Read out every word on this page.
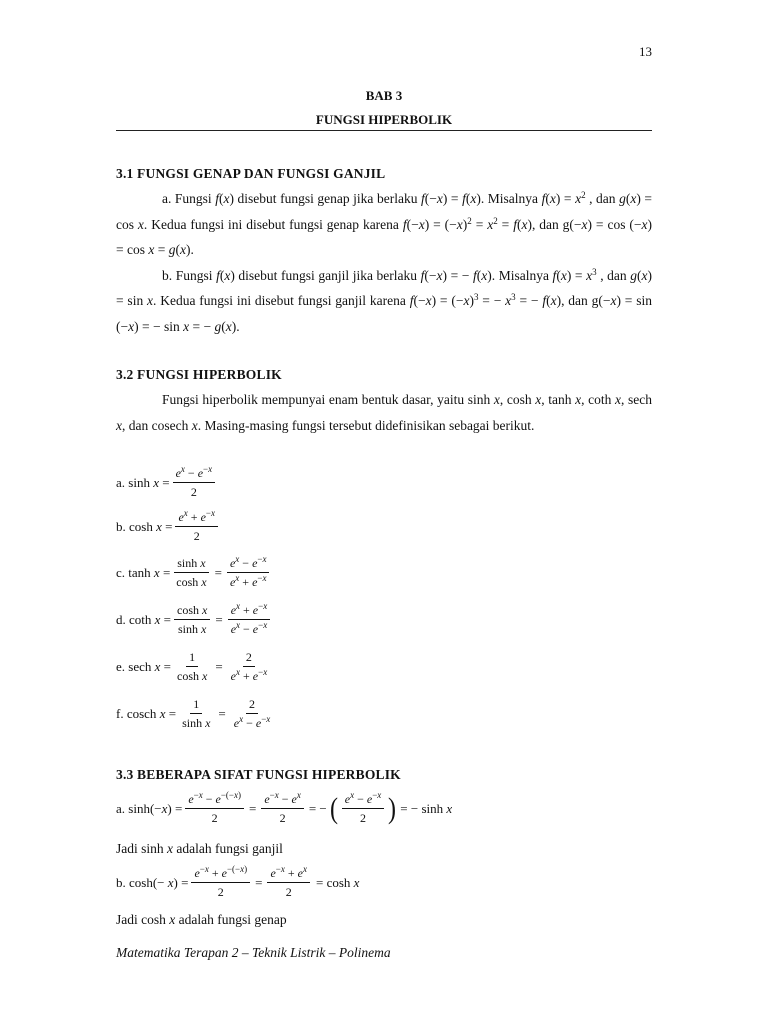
13
BAB 3
FUNGSI HIPERBOLIK
3.1 FUNGSI GENAP DAN FUNGSI GANJIL

a. Fungsi f(x) disebut fungsi genap jika berlaku f(−x) = f(x). Misalnya $f(x) = x^2$ , dan g(x) = cos x. Kedua fungsi ini disebut fungsi genap karena $f(-x) = (-x)^2 = x^2 = f(x)$, dan g(−x) = cos (−x) = cos x = g(x).

b. Fungsi f(x) disebut fungsi ganjil jika berlaku f(−x) = − f(x). Misalnya $f(x) = x^3$ , dan g(x) = sin x. Kedua fungsi ini disebut fungsi ganjil karena $f(-x) = (-x)^3$ = − $x^3$ = − f(x), dan g(−x) = sin (−x) = − sin x = − g(x).

3.2 FUNGSI HIPERBOLIK

Fungsi hiperbolik mempunyai enam bentuk dasar, yaitu sinh x, cosh x, tanh x, coth x, sech x, dan cosech x. Masing-masing fungsi tersebut didefinisikan sebagai berikut.

a. $\sinh x = \frac{e^x - e^{-x}}{2}$
b. $\cosh x = \frac{e^x + e^{-x}}{2}$
c. $\tanh x = \frac{\text{sinh x}}{\text{cosh x}} = \frac{e^x - e^{-x}}{e^x + e^{-x}}$
d. coth $x = \frac{\text{cosh x}}{\text{sinh x}} = \frac{e^x + e^{-x}}{e^x - e^{-x}}$
e. sech $x = \frac{1}{\text{cosh x}} = \frac{2}{e^x + e^{-x}}$
f. cosch $x = \frac{1}{\text{sinh x}} = \frac{2}{e^x - e^{-x}}$
3.3 BEBERAPA SIFAT FUNGSI HIPERBOLIK
a. $\sinh(-x) = \frac{e^{-x} - e^{-(-x)}}{2} = \frac{e^{-x} - e^x}{2}$ = − ( $\frac{e^x - e^{-x}}{2}$ ) = − sinh x

Jadi sinh x adalah fungsi ganjil

b. $\cosh(- x) = \frac{e^{-x} + e^{-(-x)}}{2} = \frac{e^{-x} + e^x}{2} = \cosh x$

Jadi cosh x adalah fungsi genap

Matematika Terapan 2 – Teknik Listrik – Polinema
